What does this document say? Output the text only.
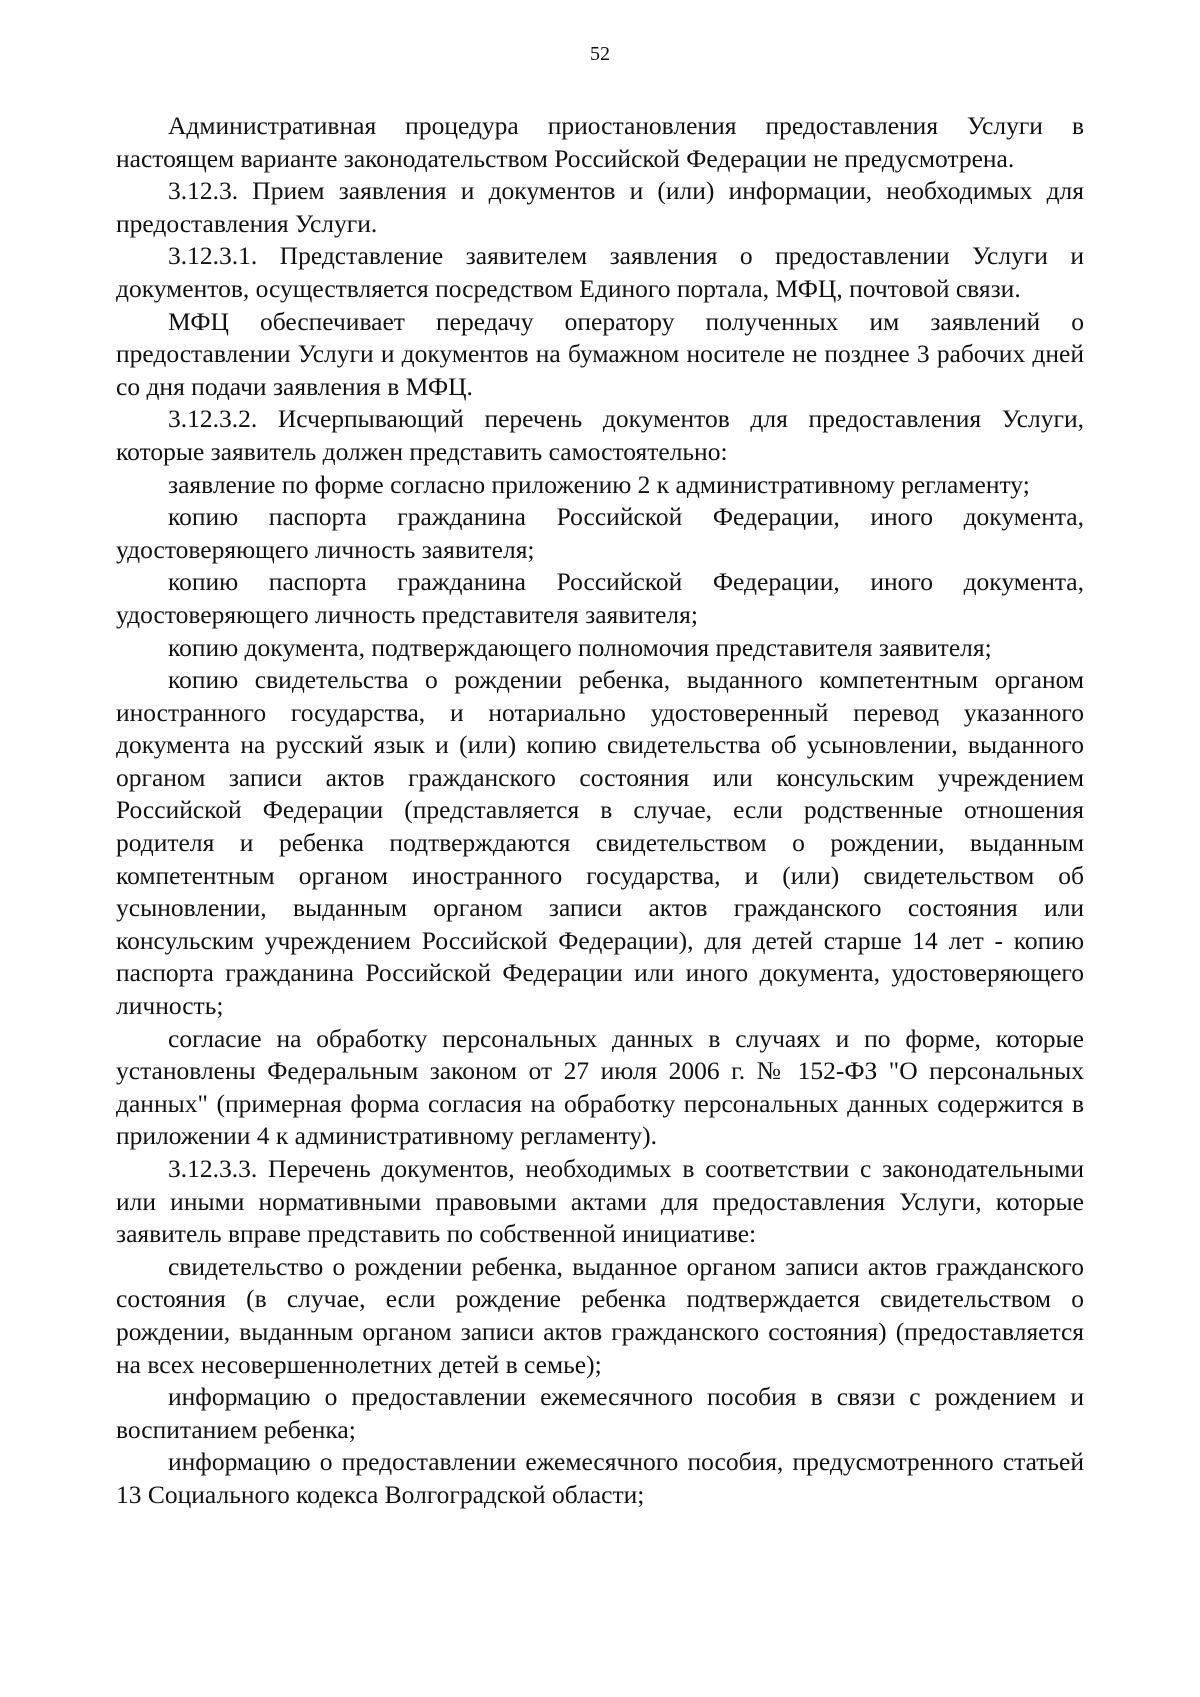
52

Административная процедура приостановления предоставления Услуги в настоящем варианте законодательством Российской Федерации не предусмотрена.

3.12.3. Прием заявления и документов и (или) информации, необходимых для предоставления Услуги.

3.12.3.1. Представление заявителем заявления о предоставлении Услуги и документов, осуществляется посредством Единого портала, МФЦ, почтовой связи.

МФЦ обеспечивает передачу оператору полученных им заявлений о предоставлении Услуги и документов на бумажном носителе не позднее 3 рабочих дней со дня подачи заявления в МФЦ.

3.12.3.2. Исчерпывающий перечень документов для предоставления Услуги, которые заявитель должен представить самостоятельно:

заявление по форме согласно приложению 2 к административному регламенту;

копию паспорта гражданина Российской Федерации, иного документа, удостоверяющего личность заявителя;

копию паспорта гражданина Российской Федерации, иного документа, удостоверяющего личность представителя заявителя;

копию документа, подтверждающего полномочия представителя заявителя;

копию свидетельства о рождении ребенка, выданного компетентным органом иностранного государства, и нотариально удостоверенный перевод указанного документа на русский язык и (или) копию свидетельства об усыновлении, выданного органом записи актов гражданского состояния или консульским учреждением Российской Федерации (представляется в случае, если родственные отношения родителя и ребенка подтверждаются свидетельством о рождении, выданным компетентным органом иностранного государства, и (или) свидетельством об усыновлении, выданным органом записи актов гражданского состояния или консульским учреждением Российской Федерации), для детей старше 14 лет - копию паспорта гражданина Российской Федерации или иного документа, удостоверяющего личность;

согласие на обработку персональных данных в случаях и по форме, которые установлены Федеральным законом от 27 июля 2006 г. № 152-ФЗ "О персональных данных" (примерная форма согласия на обработку персональных данных содержится в приложении 4 к административному регламенту).

3.12.3.3. Перечень документов, необходимых в соответствии с законодательными или иными нормативными правовыми актами для предоставления Услуги, которые заявитель вправе представить по собственной инициативе:

свидетельство о рождении ребенка, выданное органом записи актов гражданского состояния (в случае, если рождение ребенка подтверждается свидетельством о рождении, выданным органом записи актов гражданского состояния) (предоставляется на всех несовершеннолетних детей в семье);

информацию о предоставлении ежемесячного пособия в связи с рождением и воспитанием ребенка;

информацию о предоставлении ежемесячного пособия, предусмотренного статьей 13 Социального кодекса Волгоградской области;
